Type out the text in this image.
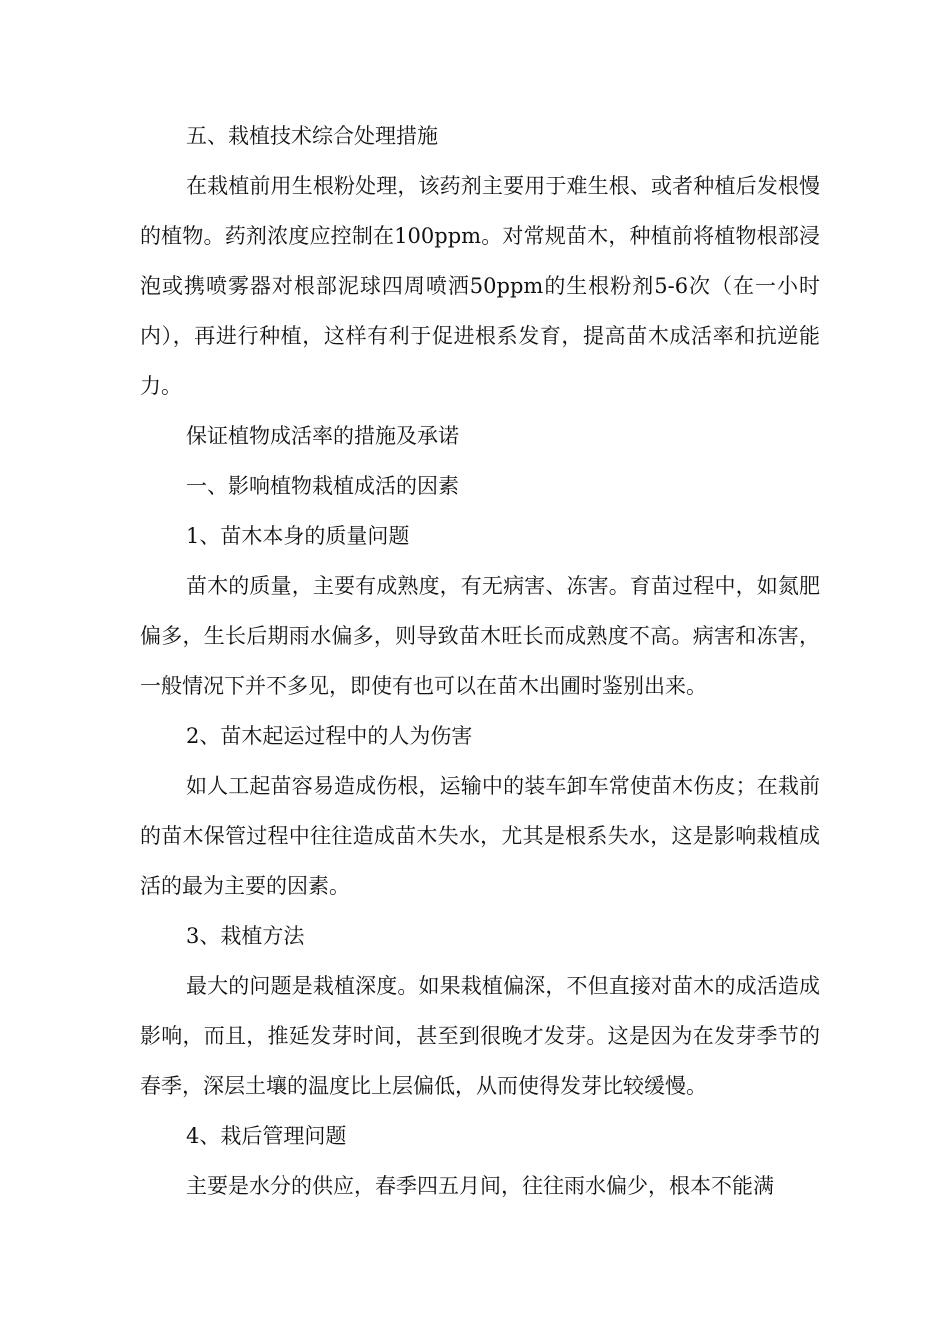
五、栽植技术综合处理措施

在栽植前用生根粉处理，该药剂主要用于难生根、或者种植后发根慢的植物。药剂浓度应控制在100ppm。对常规苗木，种植前将植物根部浸泡或携喷雾器对根部泥球四周喷洒50ppm的生根粉剂5-6次（在一小时内），再进行种植，这样有利于促进根系发育，提高苗木成活率和抗逆能力。

保证植物成活率的措施及承诺

一、影响植物栽植成活的因素

1、苗木本身的质量问题

苗木的质量，主要有成熟度，有无病害、冻害。育苗过程中，如氮肥偏多，生长后期雨水偏多，则导致苗木旺长而成熟度不高。病害和冻害，一般情况下并不多见，即使有也可以在苗木出圃时鉴别出来。

2、苗木起运过程中的人为伤害

如人工起苗容易造成伤根，运输中的装车卸车常使苗木伤皮；在栽前的苗木保管过程中往往造成苗木失水，尤其是根系失水，这是影响栽植成活的最为主要的因素。

3、栽植方法

最大的问题是栽植深度。如果栽植偏深，不但直接对苗木的成活造成影响，而且，推延发芽时间，甚至到很晚才发芽。这是因为在发芽季节的春季，深层土壤的温度比上层偏低，从而使得发芽比较缓慢。

4、栽后管理问题

主要是水分的供应，春季四五月间，往往雨水偏少，根本不能满
